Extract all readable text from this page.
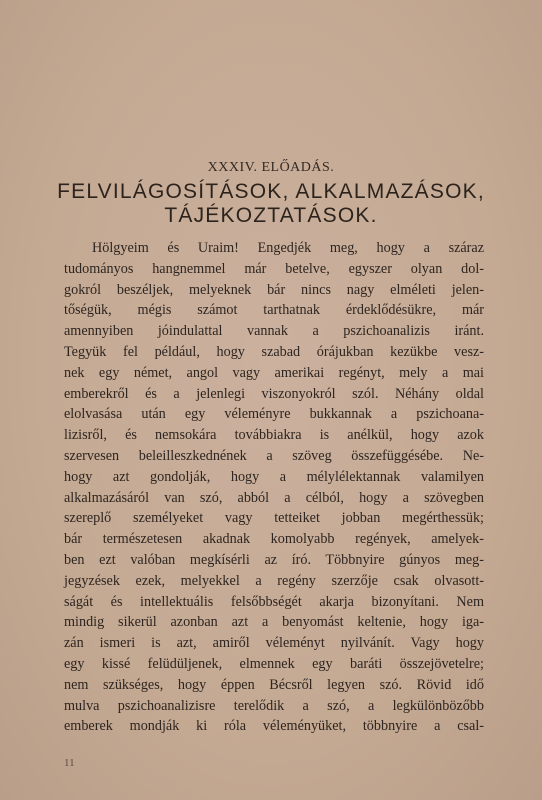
XXXIV. ELŐADÁS.
FELVILÁGOSÍTÁSOK, ALKALMAZÁSOK,
TÁJÉKOZTATÁSOK.
Hölgyeim és Uraim! Engedjék meg, hogy a száraz
tudományos hangnemmel már betelve, egyszer olyan dol-
gokról beszéljek, melyeknek bár nincs nagy elméleti jelen-
tőségük, mégis számot tarthatnak érdeklődésükre, már
amennyiben jóindulattal vannak a pszichoanalizis iránt.
Tegyük fel például, hogy szabad órájukban kezükbe vesz-
nek egy német, angol vagy amerikai regényt, mely a mai
emberekről és a jelenlegi viszonyokról szól. Néhány oldal
elolvasása után egy véleményre bukkannak a pszichoana-
lizisről, és nemsokára továbbiakra is anélkül, hogy azok
szervesen beleilleszkednének a szöveg összefüggésébe. Ne-
hogy azt gondolják, hogy a mélylélektannak valamilyen
alkalmazásáról van szó, abból a célból, hogy a szövegben
szereplő személyeket vagy tetteiket jobban megérthessük;
bár természetesen akadnak komolyabb regények, amelyek-
ben ezt valóban megkísérli az író. Többnyire gúnyos meg-
jegyzések ezek, melyekkel a regény szerzője csak olvasott-
ságát és intellektuális felsőbbségét akarja bizonyítani. Nem
mindig sikerül azonban azt a benyomást keltenie, hogy iga-
zán ismeri is azt, amiről véleményt nyilvánít. Vagy hogy
egy kissé felüdüljenek, elmennek egy baráti összejövetelre;
nem szükséges, hogy éppen Bécsről legyen szó. Rövid idő
mulva pszichoanalizisre terelődik a szó, a legkülönbözőbb
emberek mondják ki róla véleményüket, többnyire a csal-
11
